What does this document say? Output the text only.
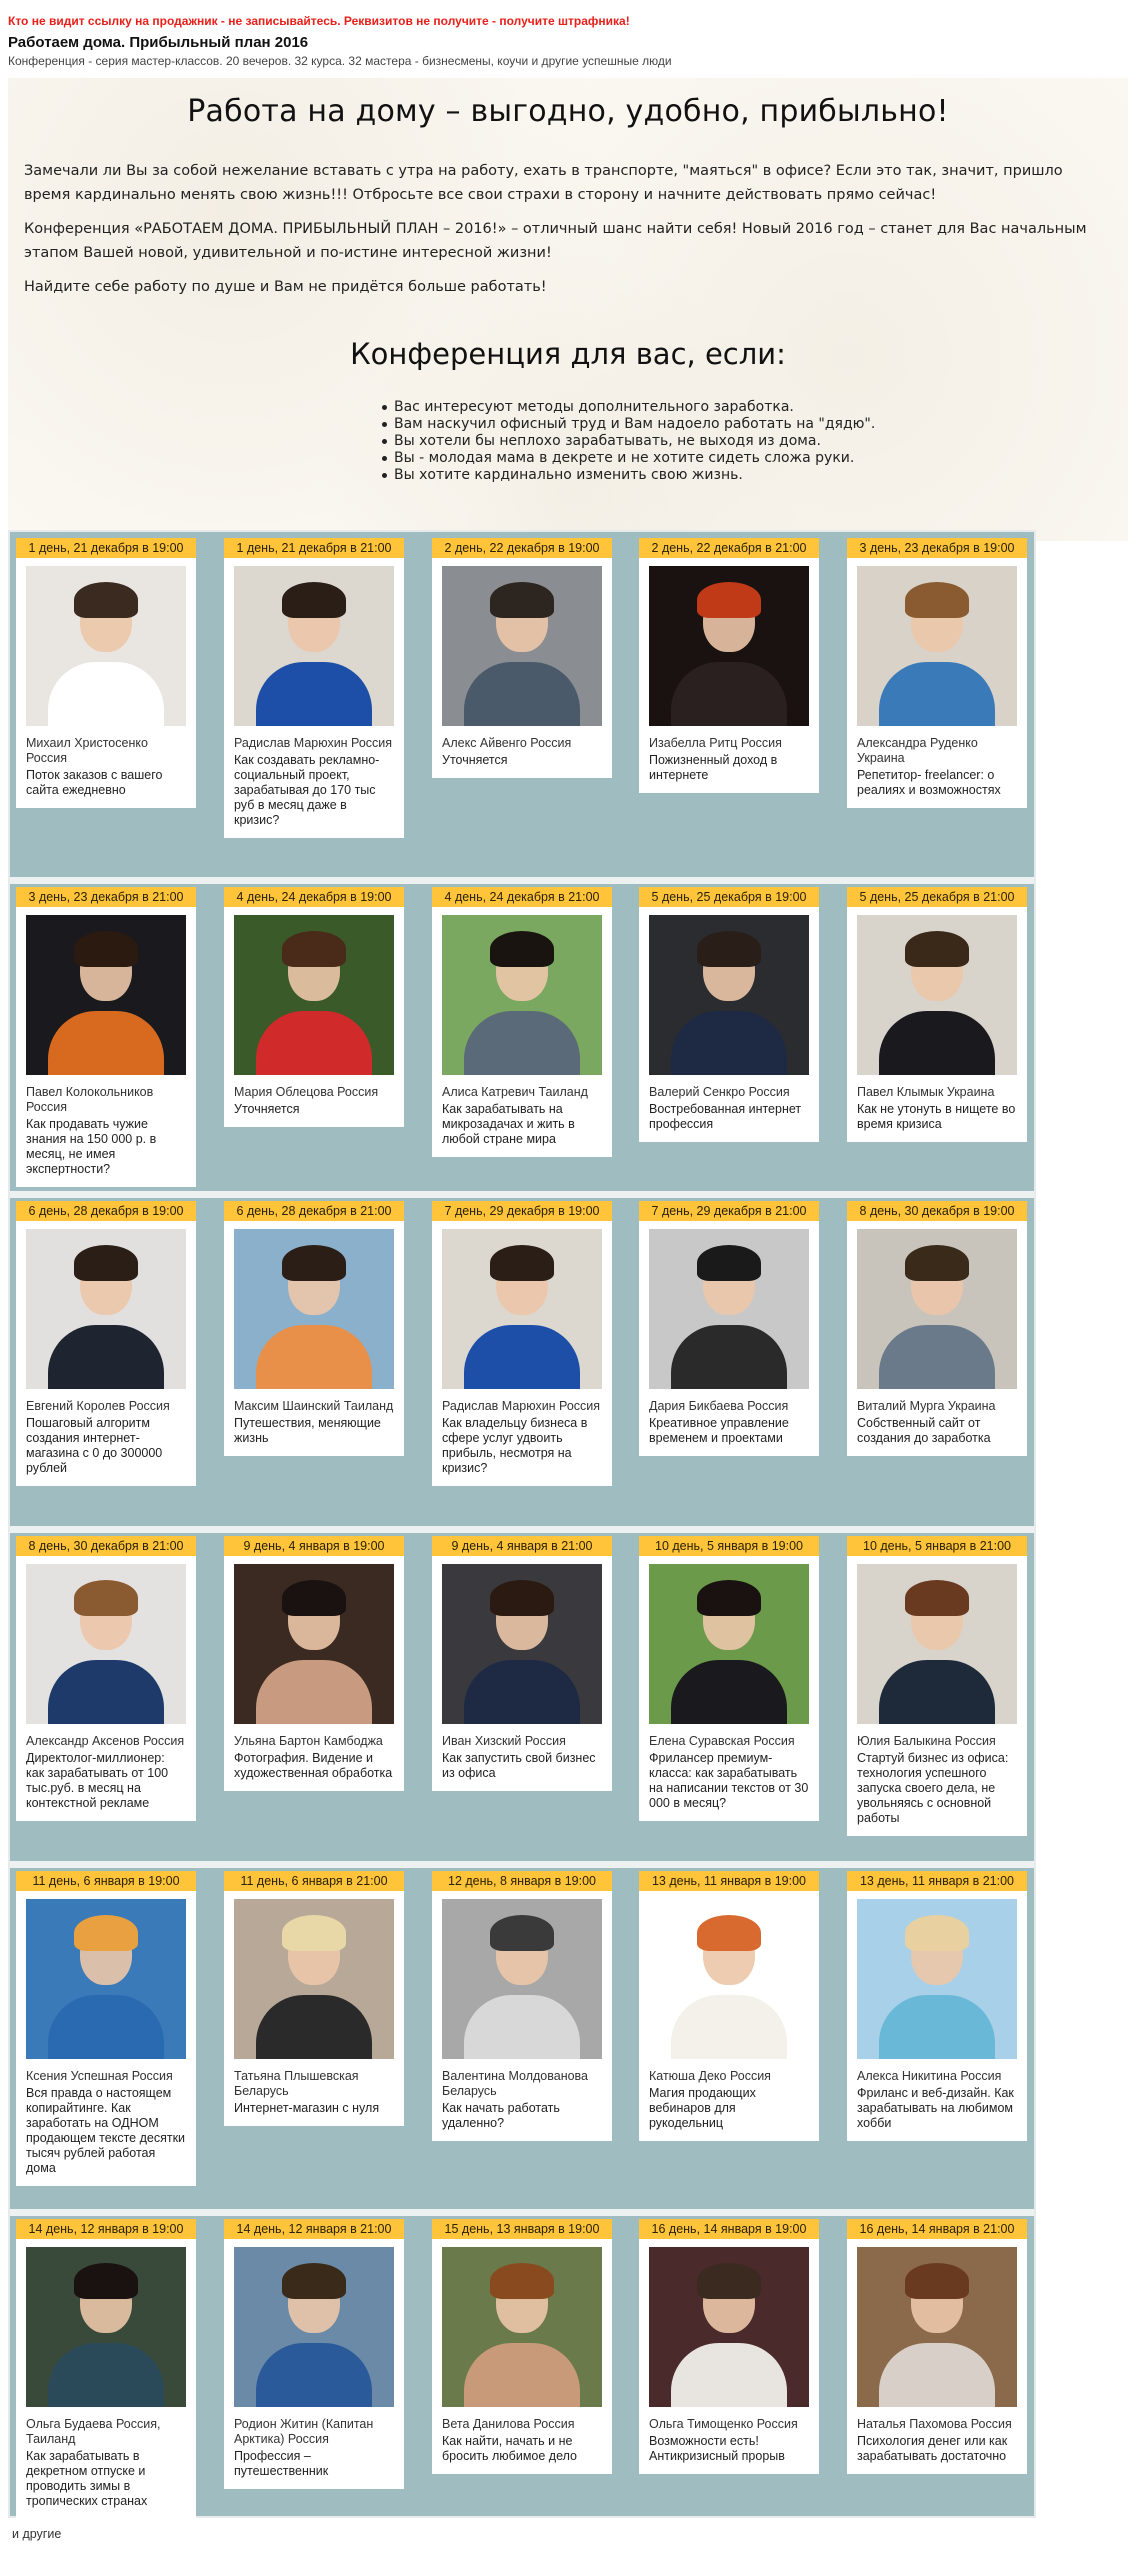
Кто не видит ссылку на продажник - не записывайтесь. Реквизитов не получите - получите штрафника!
Работаем дома. Прибыльный план 2016
Конференция - серия мастер-классов. 20 вечеров. 32 курса. 32 мастера - бизнесмены, коучи и другие успешные люди
Работа на дому – выгодно, удобно, прибыльно!

Замечали ли Вы за собой нежелание вставать с утра на работу, ехать в транспорте, "маяться" в офисе? Если это так, значит, пришло время кардинально менять свою жизнь!!! Отбросьте все свои страхи в сторону и начните действовать прямо сейчас!

Конференция «РАБОТАЕМ ДОМА. ПРИБЫЛЬНЫЙ ПЛАН – 2016!» – отличный шанс найти себя! Новый 2016 год – станет для Вас начальным этапом Вашей новой, удивительной и по-истине интересной жизни!

Найдите себе работу по душе и Вам не придётся больше работать!

Конференция для вас, если:
Вас интересуют методы дополнительного заработка.
Вам наскучил офисный труд и Вам надоело работать на "дядю".
Вы хотели бы неплохо зарабатывать, не выходя из дома.
Вы - молодая мама в декрете и не хотите сидеть сложа руки.
Вы хотите кардинально изменить свою жизнь.
1 день, 21 декабря в 19:00
Михаил Христосенко Россия
Поток заказов с вашего сайта ежедневно
1 день, 21 декабря в 21:00
Радислав Марюхин Россия
Как создавать рекламно-социальный проект, зарабатывая до 170 тыс руб в месяц даже в кризис?
2 день, 22 декабря в 19:00
Алекс Айвенго Россия
Уточняется
2 день, 22 декабря в 21:00
Изабелла Ритц Россия
Пожизненный доход в интернете
3 день, 23 декабря в 19:00
Александра Руденко Украина
Репетитор- freelancer: о реалиях и возможностях
3 день, 23 декабря в 21:00
Павел Колокольников Россия
Как продавать чужие знания на 150 000 р. в месяц, не имея экспертности?
4 день, 24 декабря в 19:00
Мария Облецова Россия
Уточняется
4 день, 24 декабря в 21:00
Алиса Катревич Таиланд
Как зарабатывать на микрозадачах и жить в любой стране мира
5 день, 25 декабря в 19:00
Валерий Сенкро Россия
Востребованная интернет профессия
5 день, 25 декабря в 21:00
Павел Клымык Украина
Как не утонуть в нищете во время кризиса
6 день, 28 декабря в 19:00
Евгений Королев Россия
Пошаговый алгоритм создания интернет-магазина с 0 до 300000 рублей
6 день, 28 декабря в 21:00
Максим Шаинский Таиланд
Путешествия, меняющие жизнь
7 день, 29 декабря в 19:00
Радислав Марюхин Россия
Как владельцу бизнеса в сфере услуг удвоить прибыль, несмотря на кризис?
7 день, 29 декабря в 21:00
Дария Бикбаева Россия
Креативное управление временем и проектами
8 день, 30 декабря в 19:00
Виталий Мурга Украина
Собственный сайт от создания до заработка
8 день, 30 декабря в 21:00
Александр Аксенов Россия
Директолог-миллионер: как зарабатывать от 100 тыс.руб. в месяц на контекстной рекламе
9 день, 4 января в 19:00
Ульяна Бартон Камбоджа
Фотография. Видение и художественная обработка
9 день, 4 января в 21:00
Иван Хизский Россия
Как запустить свой бизнес из офиса
10 день, 5 января в 19:00
Елена Суравская Россия
Фрилансер премиум-класса: как зарабатывать на написании текстов от 30 000 в месяц?
10 день, 5 января в 21:00
Юлия Балыкина Россия
Стартуй бизнес из офиса: технология успешного запуска своего дела, не увольняясь с основной работы
11 день, 6 января в 19:00
Ксения Успешная Россия
Вся правда о настоящем копирайтинге. Как заработать на ОДНОМ продающем тексте десятки тысяч рублей работая дома
11 день, 6 января в 21:00
Татьяна Плышевская Беларусь
Интернет-магазин с нуля
12 день, 8 января в 19:00
Валентина Молдованова Беларусь
Как начать работать удаленно?
13 день, 11 января в 19:00
Катюша Деко Россия
Магия продающих вебинаров для рукодельниц
13 день, 11 января в 21:00
Алекса Никитина Россия
Фриланс и веб-дизайн. Как зарабатывать на любимом хобби
14 день, 12 января в 19:00
Ольга Будаева Россия, Таиланд
Как зарабатывать в декретном отпуске и проводить зимы в тропических странах
14 день, 12 января в 21:00
Родион Житин (Капитан Арктика) Россия
Профессия – путешественник
15 день, 13 января в 19:00
Вета Данилова Россия
Как найти, начать и не бросить любимое дело
16 день, 14 января в 19:00
Ольга Тимощенко Россия
Возможности есть! Антикризисный прорыв
16 день, 14 января в 21:00
Наталья Пахомова Россия
Психология денег или как зарабатывать достаточно
и другие
